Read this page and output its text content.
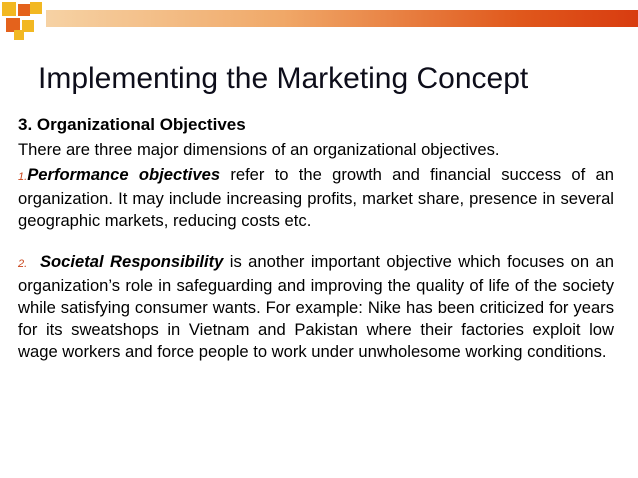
Implementing the Marketing Concept

3. Organizational Objectives

There are three major dimensions of an organizational objectives.

1.Performance objectives refer to the growth and financial success of an organization. It may include increasing profits, market share, presence in several geographic markets, reducing costs etc.

2. Societal Responsibility is another important objective which focuses on an organization’s role in safeguarding and improving the quality of life of the society while satisfying consumer wants. For example: Nike has been criticized for years for its sweatshops in Vietnam and Pakistan where their factories exploit low wage workers and force people to work under unwholesome working conditions.
